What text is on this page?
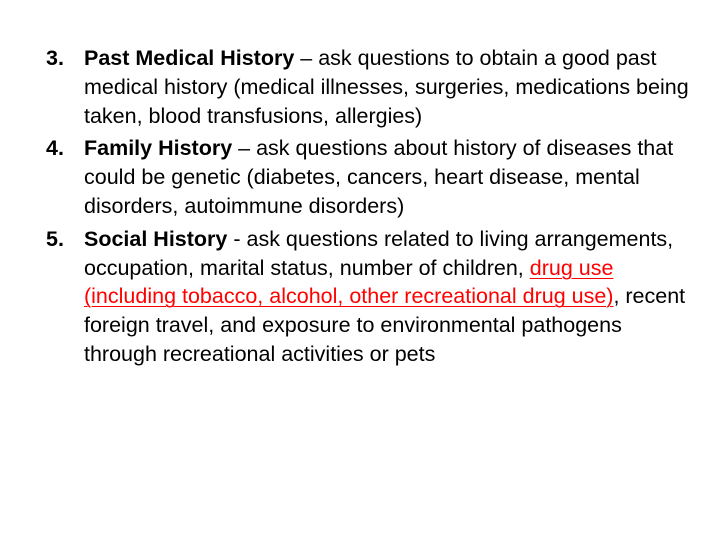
3. Past Medical History – ask questions to obtain a good past medical history (medical illnesses, surgeries, medications being taken, blood transfusions, allergies)
4. Family History – ask questions about history of diseases that could be genetic (diabetes, cancers, heart disease, mental disorders, autoimmune disorders)
5. Social History - ask questions related to living arrangements, occupation, marital status, number of children, drug use (including tobacco, alcohol, other recreational drug use), recent foreign travel, and exposure to environmental pathogens through recreational activities or pets
